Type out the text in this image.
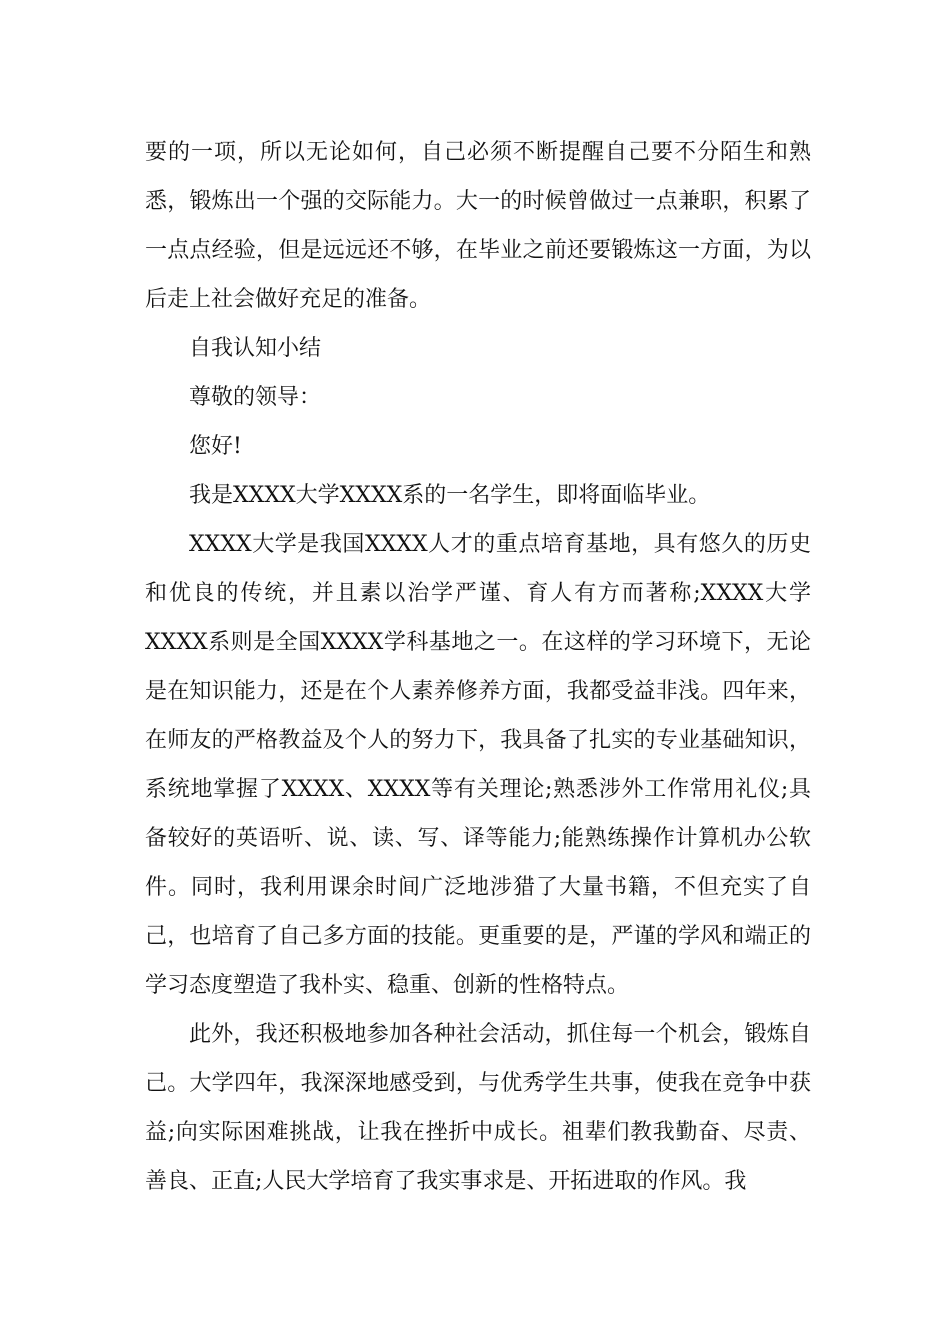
要的一项，所以无论如何，自己必须不断提醒自己要不分陌生和熟悉，锻炼出一个强的交际能力。大一的时候曾做过一点兼职，积累了一点点经验，但是远远还不够，在毕业之前还要锻炼这一方面，为以后走上社会做好充足的准备。

自我认知小结

尊敬的领导：

您好!

我是XXXX大学XXXX系的一名学生，即将面临毕业。

XXXX大学是我国XXXX人才的重点培育基地，具有悠久的历史和优良的传统，并且素以治学严谨、育人有方而著称;XXXX大学XXXX系则是全国XXXX学科基地之一。在这样的学习环境下，无论是在知识能力，还是在个人素养修养方面，我都受益非浅。四年来，在师友的严格教益及个人的努力下，我具备了扎实的专业基础知识，系统地掌握了XXXX、XXXX等有关理论;熟悉涉外工作常用礼仪;具备较好的英语听、说、读、写、译等能力;能熟练操作计算机办公软件。同时，我利用课余时间广泛地涉猎了大量书籍，不但充实了自己，也培育了自己多方面的技能。更重要的是，严谨的学风和端正的学习态度塑造了我朴实、稳重、创新的性格特点。

此外，我还积极地参加各种社会活动，抓住每一个机会，锻炼自己。大学四年，我深深地感受到，与优秀学生共事，使我在竞争中获益;向实际困难挑战，让我在挫折中成长。祖辈们教我勤奋、尽责、善良、正直;人民大学培育了我实事求是、开拓进取的作风。我
